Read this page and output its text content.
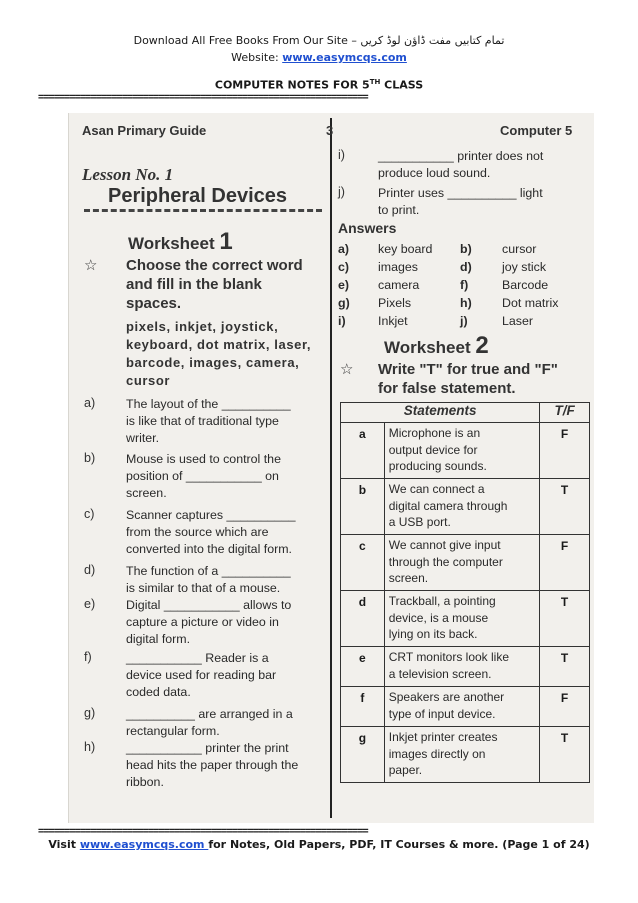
Download All Free Books From Our Site – تمام کتابیں مفت ڈاؤن لوڈ کریں
Website: www.easymcqs.com
COMPUTER NOTES FOR 5TH CLASS
===============================================================
Asan Primary Guide	3	Computer 5
Lesson No. 1
Peripheral Devices
Worksheet 1
☆ Choose the correct word
and fill in the blank
spaces.
pixels, inkjet, joystick,
keyboard, dot matrix, laser,
barcode, images, camera,
cursor
a) The layout of the __________
is like that of traditional type
writer.
b) Mouse is used to control the
position of ___________ on
screen.
c)	Scanner captures __________
from the source which are
converted into the digital form.
d) The function of a __________
is similar to that of a mouse.
e) Digital ___________ allows to
capture a picture or video in
digital form.
f)	___________ Reader is a
device used for reading bar
coded data.
g) __________ are arranged in a
rectangular form.
h) ___________ printer the print
head hits the paper through the
ribbon.
i)	___________ printer does not
produce loud sound.
j)	Printer uses __________ light
to print.
Answers
a) key board b) cursor
c) images	d) joy stick
e) camera	f)	Barcode
g) Pixels	h) Dot matrix
i)	Inkjet	j)	Laser
Worksheet 2
☆ Write "T" for true and "F"
for false statement.
Statements		T/F
a	Microphone is an
output device for
producing sounds.	F
b	We can connect a
digital camera through
a USB port.	T
c	We cannot give input
through the computer
screen.	F
d	Trackball, a pointing
device, is a mouse
lying on its back.	T
e	CRT monitors look like
a television screen.	T
f	Speakers are another
type of input device.	F
g	Inkjet printer creates
images directly on
paper.	T
===============================================================
Visit www.easymcqs.com for Notes, Old Papers, PDF, IT Courses & more. (Page 1 of 24)
